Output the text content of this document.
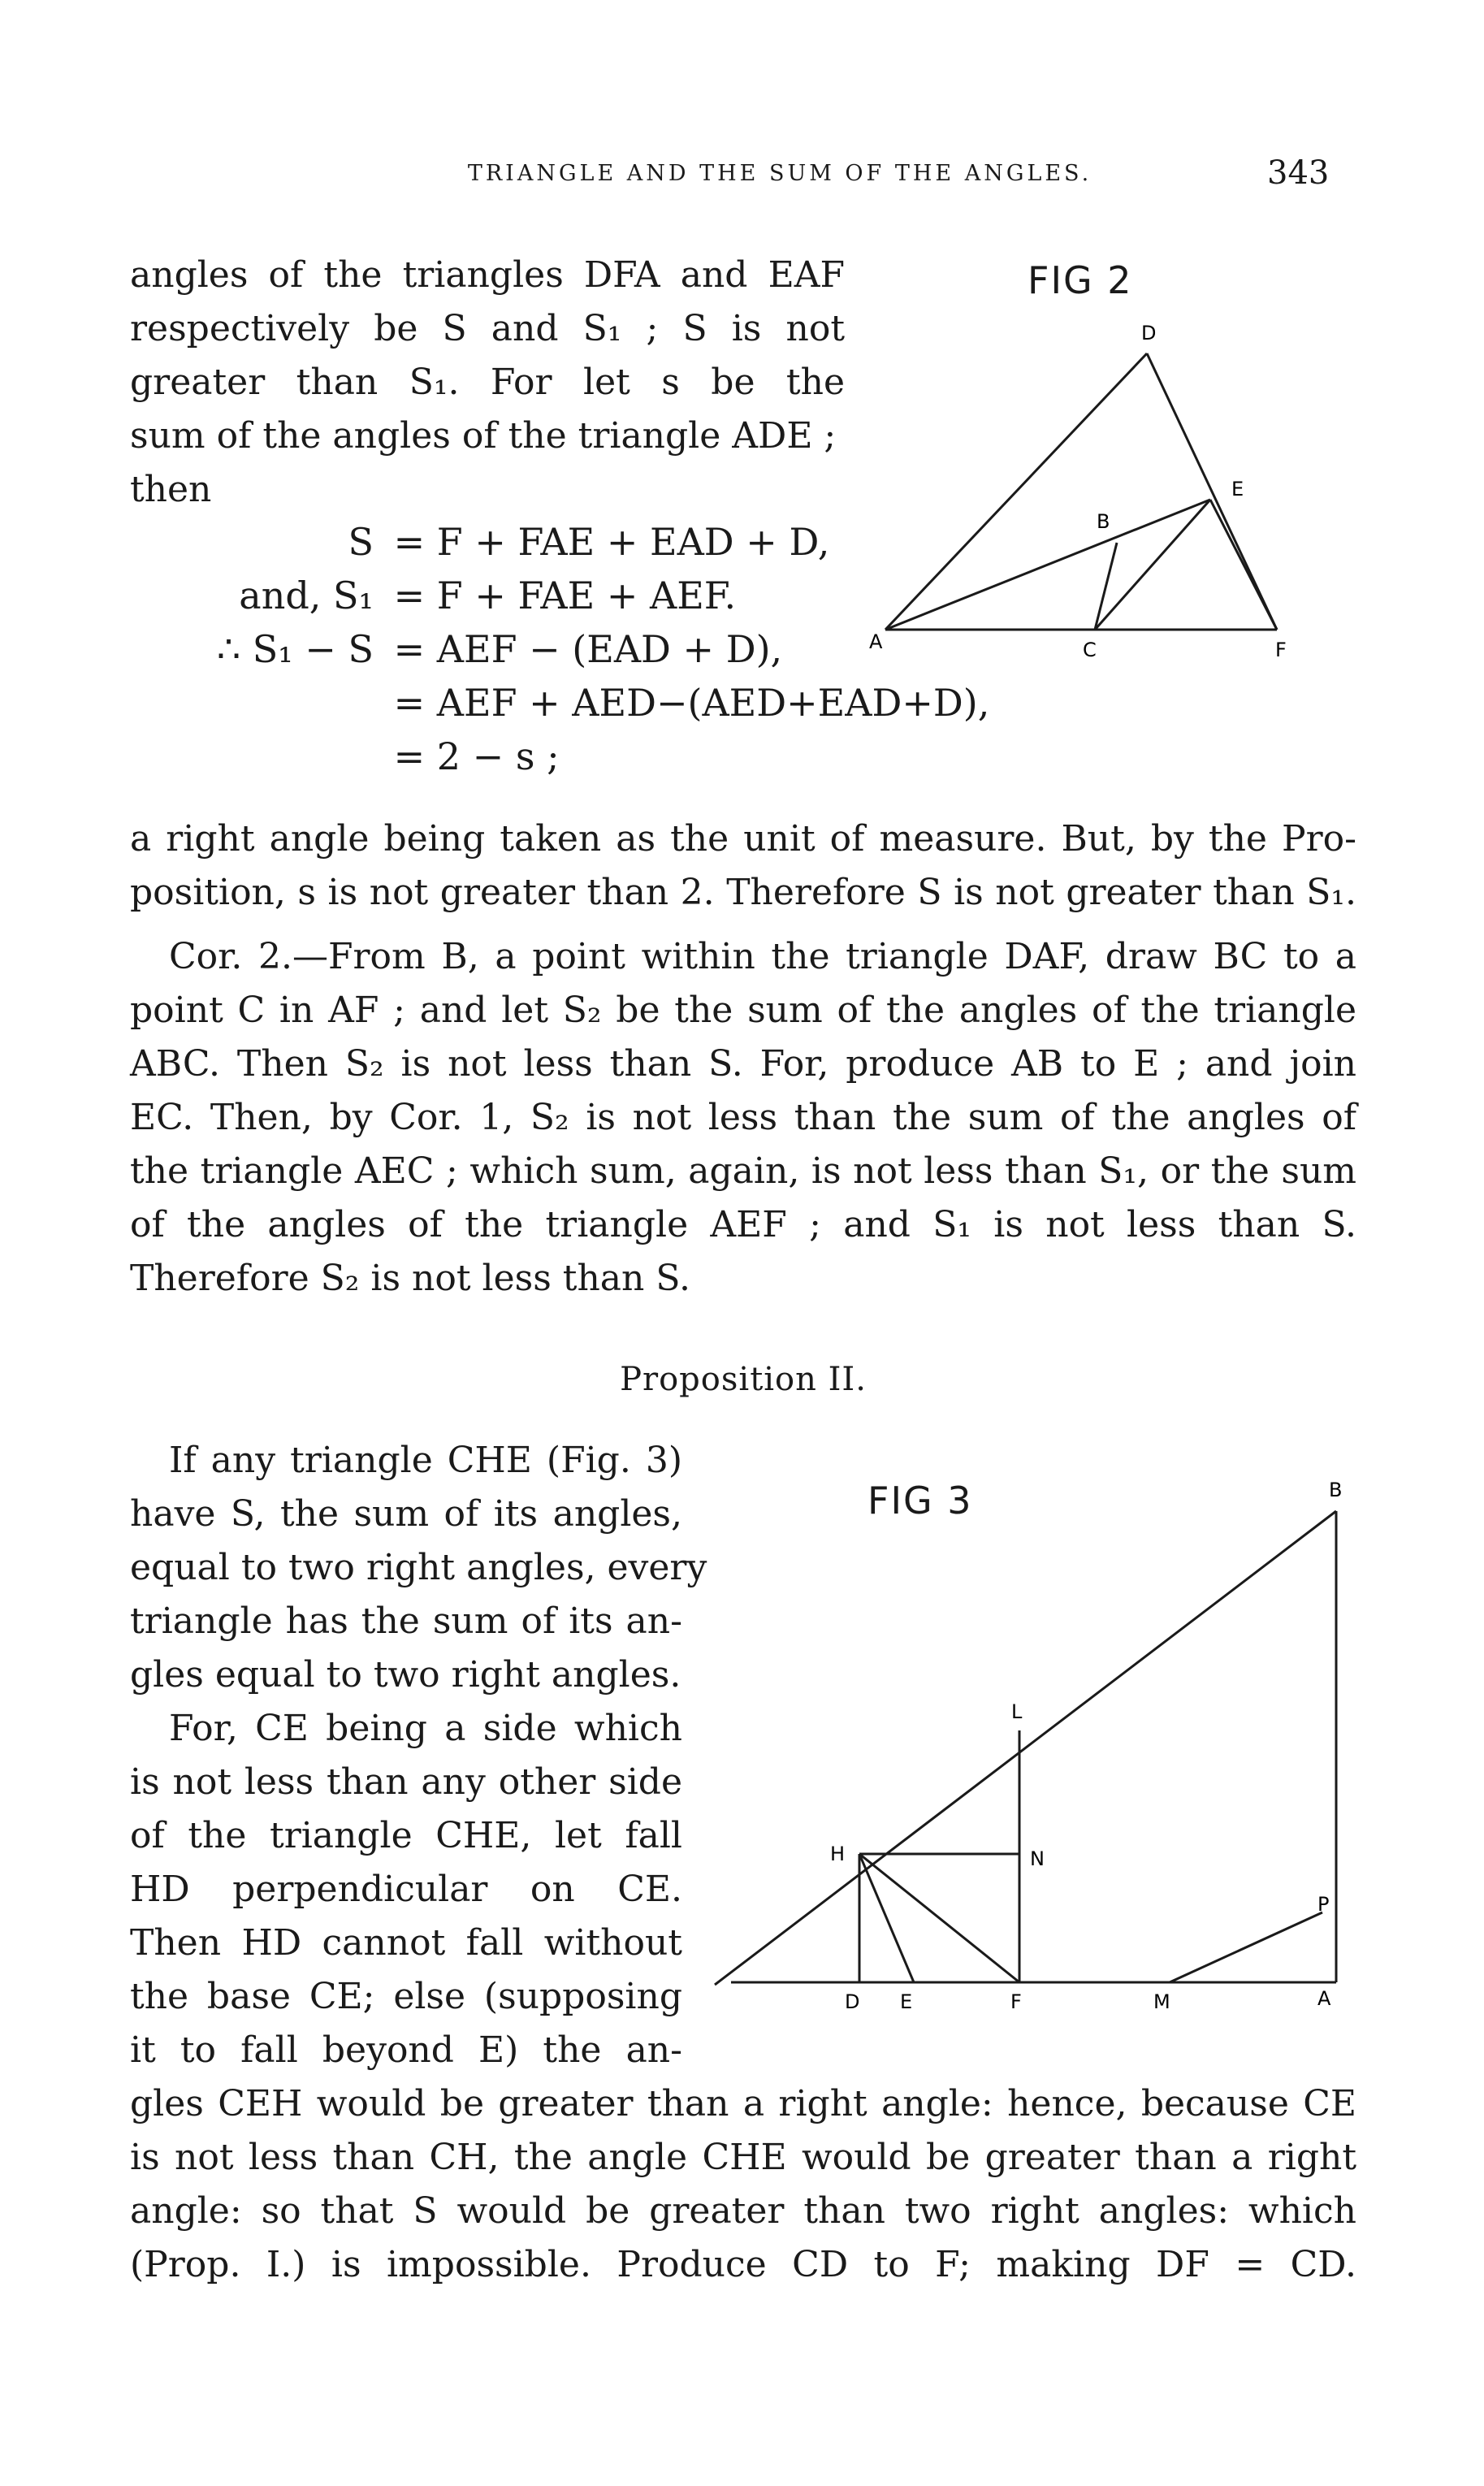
TRIANGLE AND THE SUM OF THE ANGLES.	343
angles of the triangles DFA and EAF
respectively be S and S₁ ; S is not
greater than S₁. For let s be the
sum of the angles of the triangle ADE ;
then
S = F + FAE + EAD + D,
and, S₁ = F + FAE + AEF.
∴ S₁ − S = AEF − (EAD + D),
= AEF + AED−(AED+EAD+D),
= 2 − s ;
a right angle being taken as the unit of measure. But, by the Pro-
position, s is not greater than 2. Therefore S is not greater than S₁.
Cor. 2.—From B, a point within the triangle DAF, draw BC to a
point C in AF ; and let S₂ be the sum of the angles of the triangle
ABC. Then S₂ is not less than S. For, produce AB to E ; and join
EC. Then, by Cor. 1, S₂ is not less than the sum of the angles of
the triangle AEC ; which sum, again, is not less than S₁, or the sum
of the angles of the triangle AEF ; and S₁ is not less than S.
Therefore S₂ is not less than S.
Proposition II.
If any triangle CHE (Fig. 3)
have S, the sum of its angles,
equal to two right angles, every
triangle has the sum of its an-
gles equal to two right angles.
For, CE being a side which
is not less than any other side
of the triangle CHE, let fall
HD perpendicular on CE.
Then HD cannot fall without
the base CE; else (supposing
it to fall beyond E) the an-
gles CEH would be greater than a right angle: hence, because CE
is not less than CH, the angle CHE would be greater than a right
angle: so that S would be greater than two right angles: which
(Prop. I.) is impossible. Produce CD to F; making DF = CD.
FIG 2
D
E
B
A	C	F
FIG 3	B
L
H	N
P
D E	F	M	A
